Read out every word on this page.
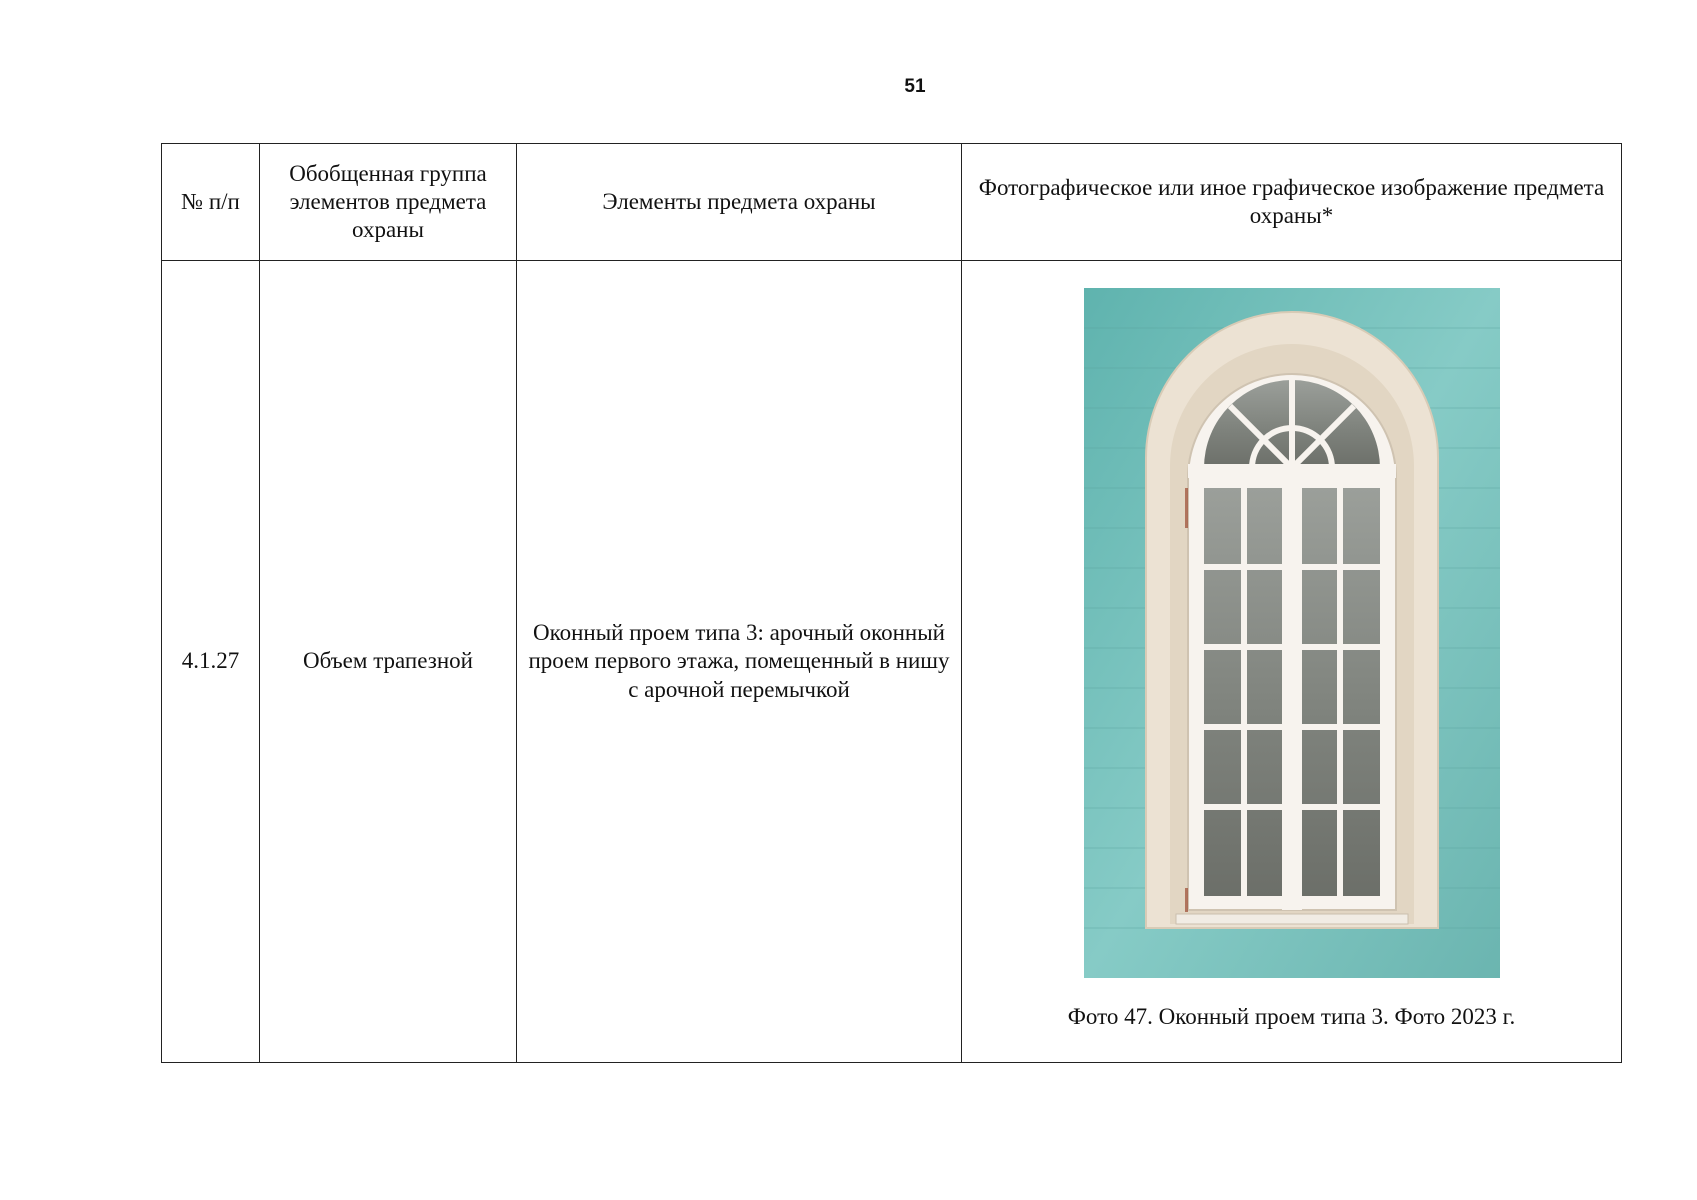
51
№ п/п	Обобщенная группа элементов предмета охраны	Элементы предмета охраны	Фотографическое или иное графическое изображение предмета охраны*
4.1.27	Объем трапезной	Оконный проем типа 3: арочный оконный проем первого этажа, помещенный в нишу с арочной перемычкой	Фото 47. Оконный проем типа 3. Фото 2023 г.
